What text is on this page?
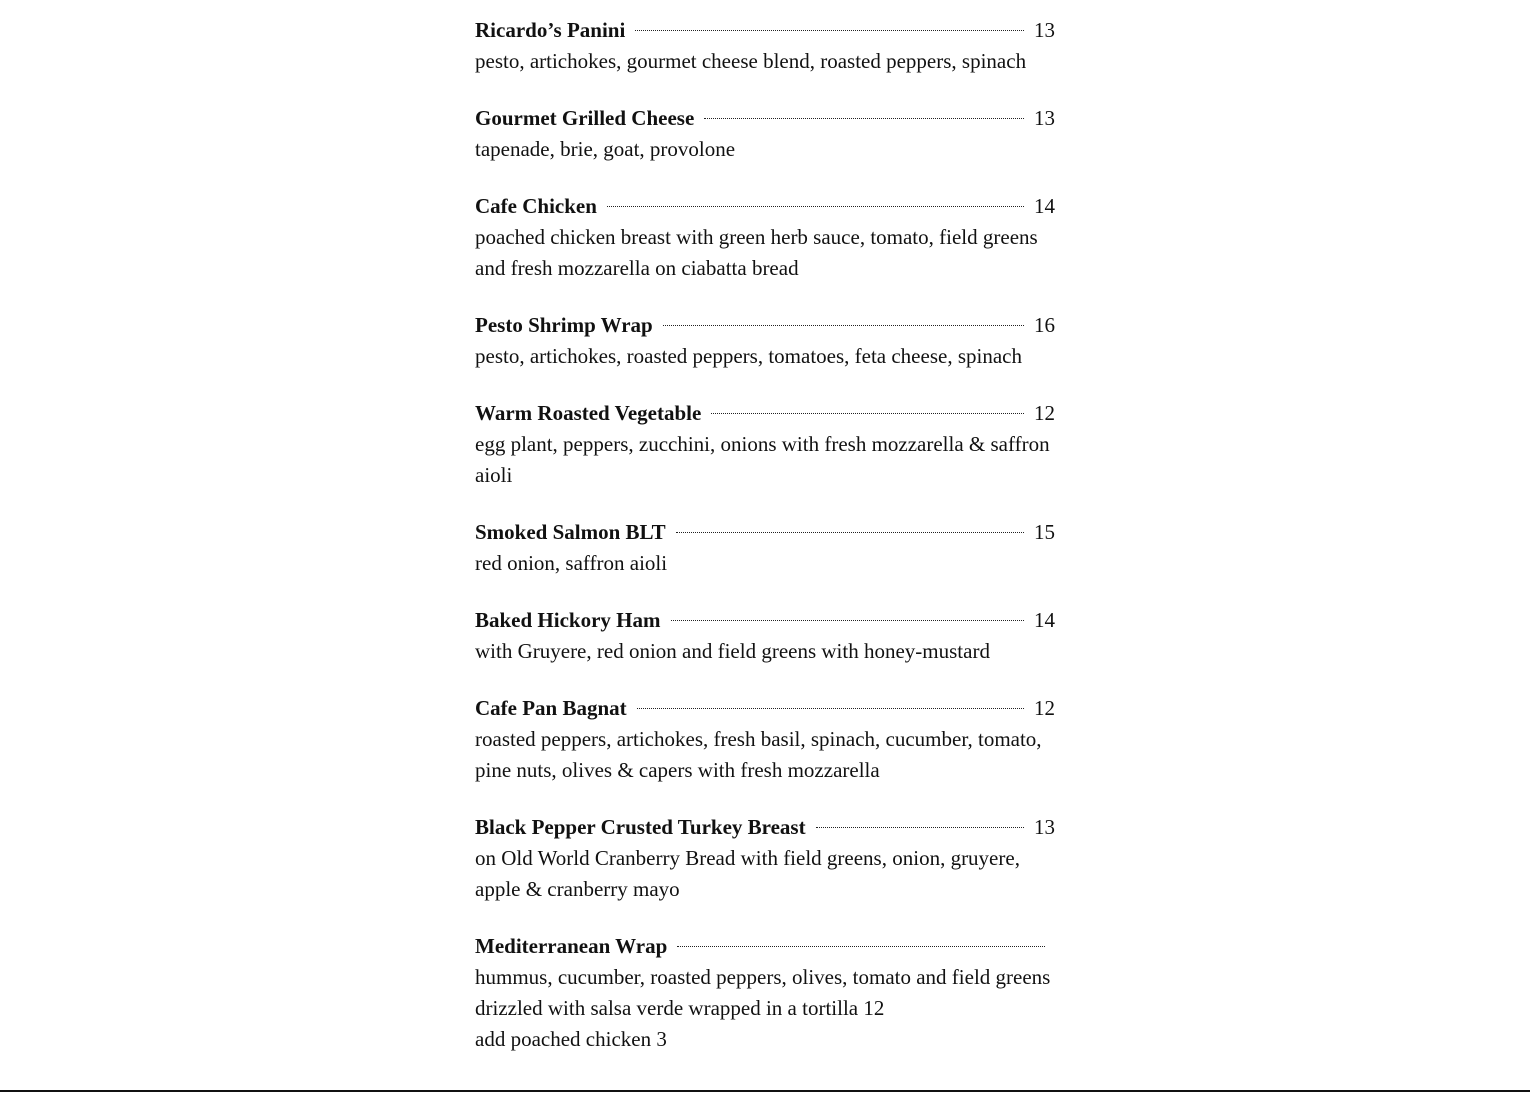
Ricardo’s Panini	13
pesto, artichokes, gourmet cheese blend, roasted peppers, spinach
Gourmet Grilled Cheese	13
tapenade, brie, goat, provolone
Cafe Chicken	14
poached chicken breast with green herb sauce, tomato, field greens and fresh mozzarella on ciabatta bread
Pesto Shrimp Wrap	16
pesto, artichokes, roasted peppers, tomatoes, feta cheese, spinach
Warm Roasted Vegetable	12
egg plant, peppers, zucchini, onions with fresh mozzarella & saffron aioli
Smoked Salmon BLT	15
red onion, saffron aioli
Baked Hickory Ham	14
with Gruyere, red onion and field greens with honey-mustard
Cafe Pan Bagnat	12
roasted peppers, artichokes, fresh basil, spinach, cucumber, tomato, pine nuts, olives & capers with fresh mozzarella
Black Pepper Crusted Turkey Breast	13
on Old World Cranberry Bread with field greens, onion, gruyere, apple & cranberry mayo
Mediterranean Wrap
hummus, cucumber, roasted peppers, olives, tomato and field greens drizzled with salsa verde wrapped in a tortilla 12
add poached chicken 3
